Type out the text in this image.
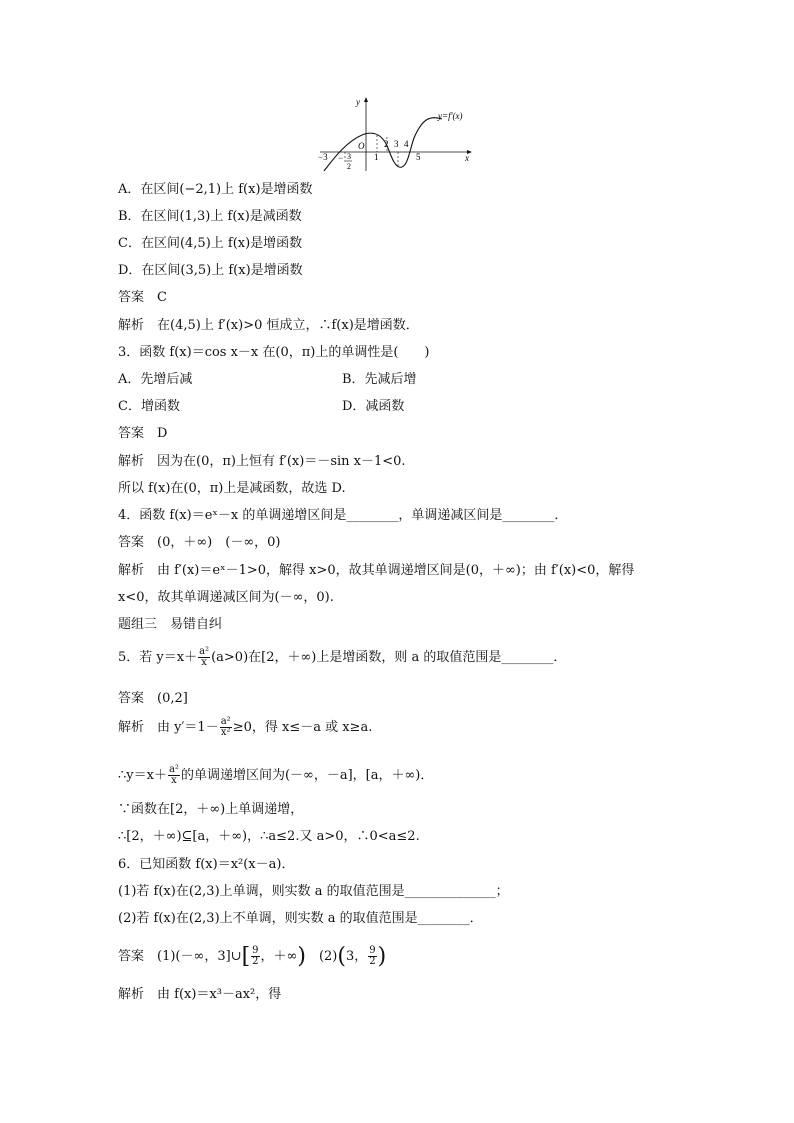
y
x
y=f′(x)
O
−3	1
2 3 4
5
− 3
2
A．在区间(−2,1)上 f(x)是增函数
B．在区间(1,3)上 f(x)是减函数
C．在区间(4,5)上 f(x)是增函数
D．在区间(3,5)上 f(x)是增函数
答案　C
解析　在(4,5)上 f′(x)>0 恒成立，∴f(x)是增函数．
3．函数 f(x)＝cos x－x 在(0，π)上的单调性是(　　)
A．先增后减	B．先减后增
C．增函数	D．减函数
答案　D
解析　因为在(0，π)上恒有 f′(x)＝－sin x－1<0.
所以 f(x)在(0，π)上是减函数，故选 D.
4．函数 f(x)＝eˣ－x 的单调递增区间是________，单调递减区间是________．
答案　(0，＋∞)　(－∞，0)
解析　由 f′(x)＝eˣ－1>0，解得 x>0，故其单调递增区间是(0，＋∞)；由 f′(x)<0，解得
x<0，故其单调递减区间为(－∞，0).
题组三　易错自纠
5．若 $y=x+ \frac{\text{a²}}{x} (a>0)$在[2，＋∞)上是增函数，则 a 的取值范围是________．
答案　(0,2]
解析　由 $y'=1- \frac{\text{a²}}{\text{x²}} \ge 0$，得 x≤－a 或 x≥a.
∴y＝x＋ $\frac{\text{a²}}{x}$ 的单调递增区间为(－∞，－a]，[a，＋∞)．
∵函数在[2，＋∞)上单调递增，
∴[2，＋∞)⊆[a，＋∞)，∴a≤2.又 a>0，∴0<a≤2.
6．已知函数 f(x)＝x²(x－a)．
(1)若 f(x)在(2,3)上单调，则实数 a 的取值范围是______________；
(2)若 f(x)在(2,3)上不单调，则实数 a 的取值范围是________．
答案　(1)(－∞，3]∪[ $\frac{9}{2}$ ，＋∞)　(2)(3， $\frac{9}{2}$ )
解析　由 f(x)＝x³－ax²，得
